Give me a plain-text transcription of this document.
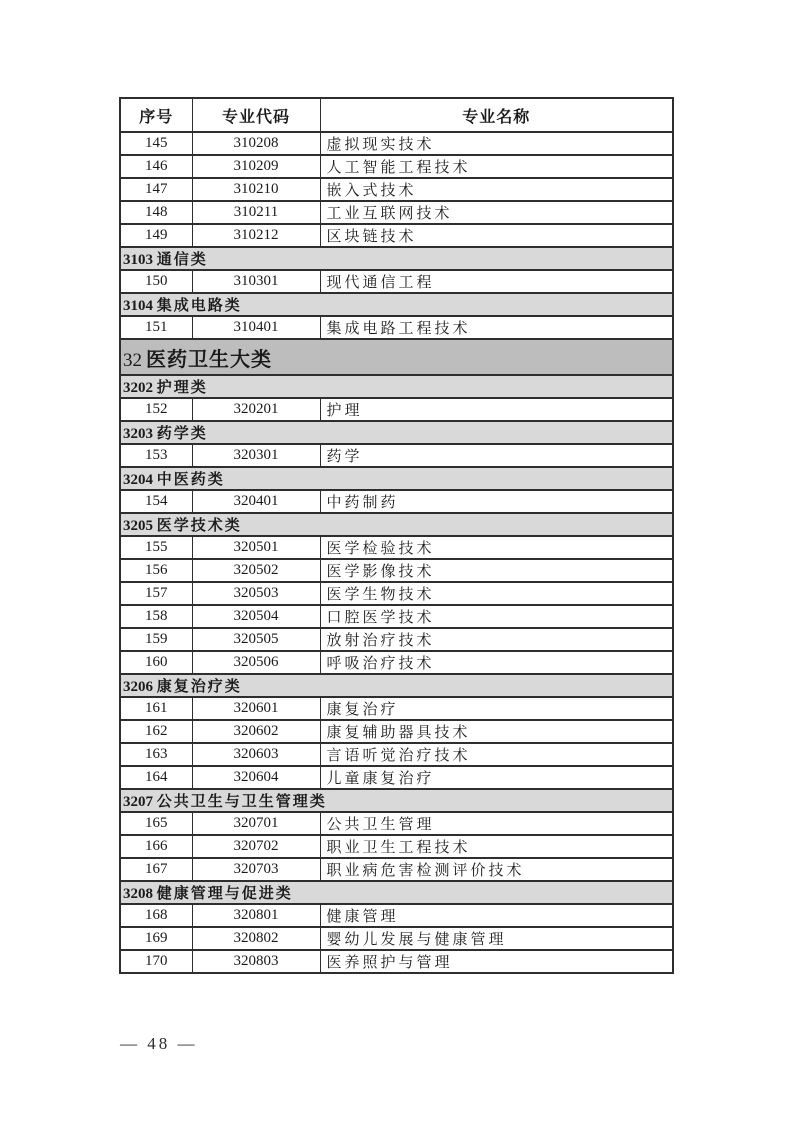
序号	专业代码	专业名称
145	310208	虚拟现实技术
146	310209	人工智能工程技术
147	310210	嵌入式技术
148	310211	工业互联网技术
149	310212	区块链技术
3103 通信类		
150	310301	现代通信工程
3104 集成电路类		
151	310401	集成电路工程技术
32 医药卫生大类		
3202 护理类		
152	320201	护理
3203 药学类		
153	320301	药学
3204 中医药类		
154	320401	中药制药
3205 医学技术类		
155	320501	医学检验技术
156	320502	医学影像技术
157	320503	医学生物技术
158	320504	口腔医学技术
159	320505	放射治疗技术
160	320506	呼吸治疗技术
3206 康复治疗类		
161	320601	康复治疗
162	320602	康复辅助器具技术
163	320603	言语听觉治疗技术
164	320604	儿童康复治疗
3207 公共卫生与卫生管理类		
165	320701	公共卫生管理
166	320702	职业卫生工程技术
167	320703	职业病危害检测评价技术
3208 健康管理与促进类		
168	320801	健康管理
169	320802	婴幼儿发展与健康管理
170	320803	医养照护与管理
— 48 —
